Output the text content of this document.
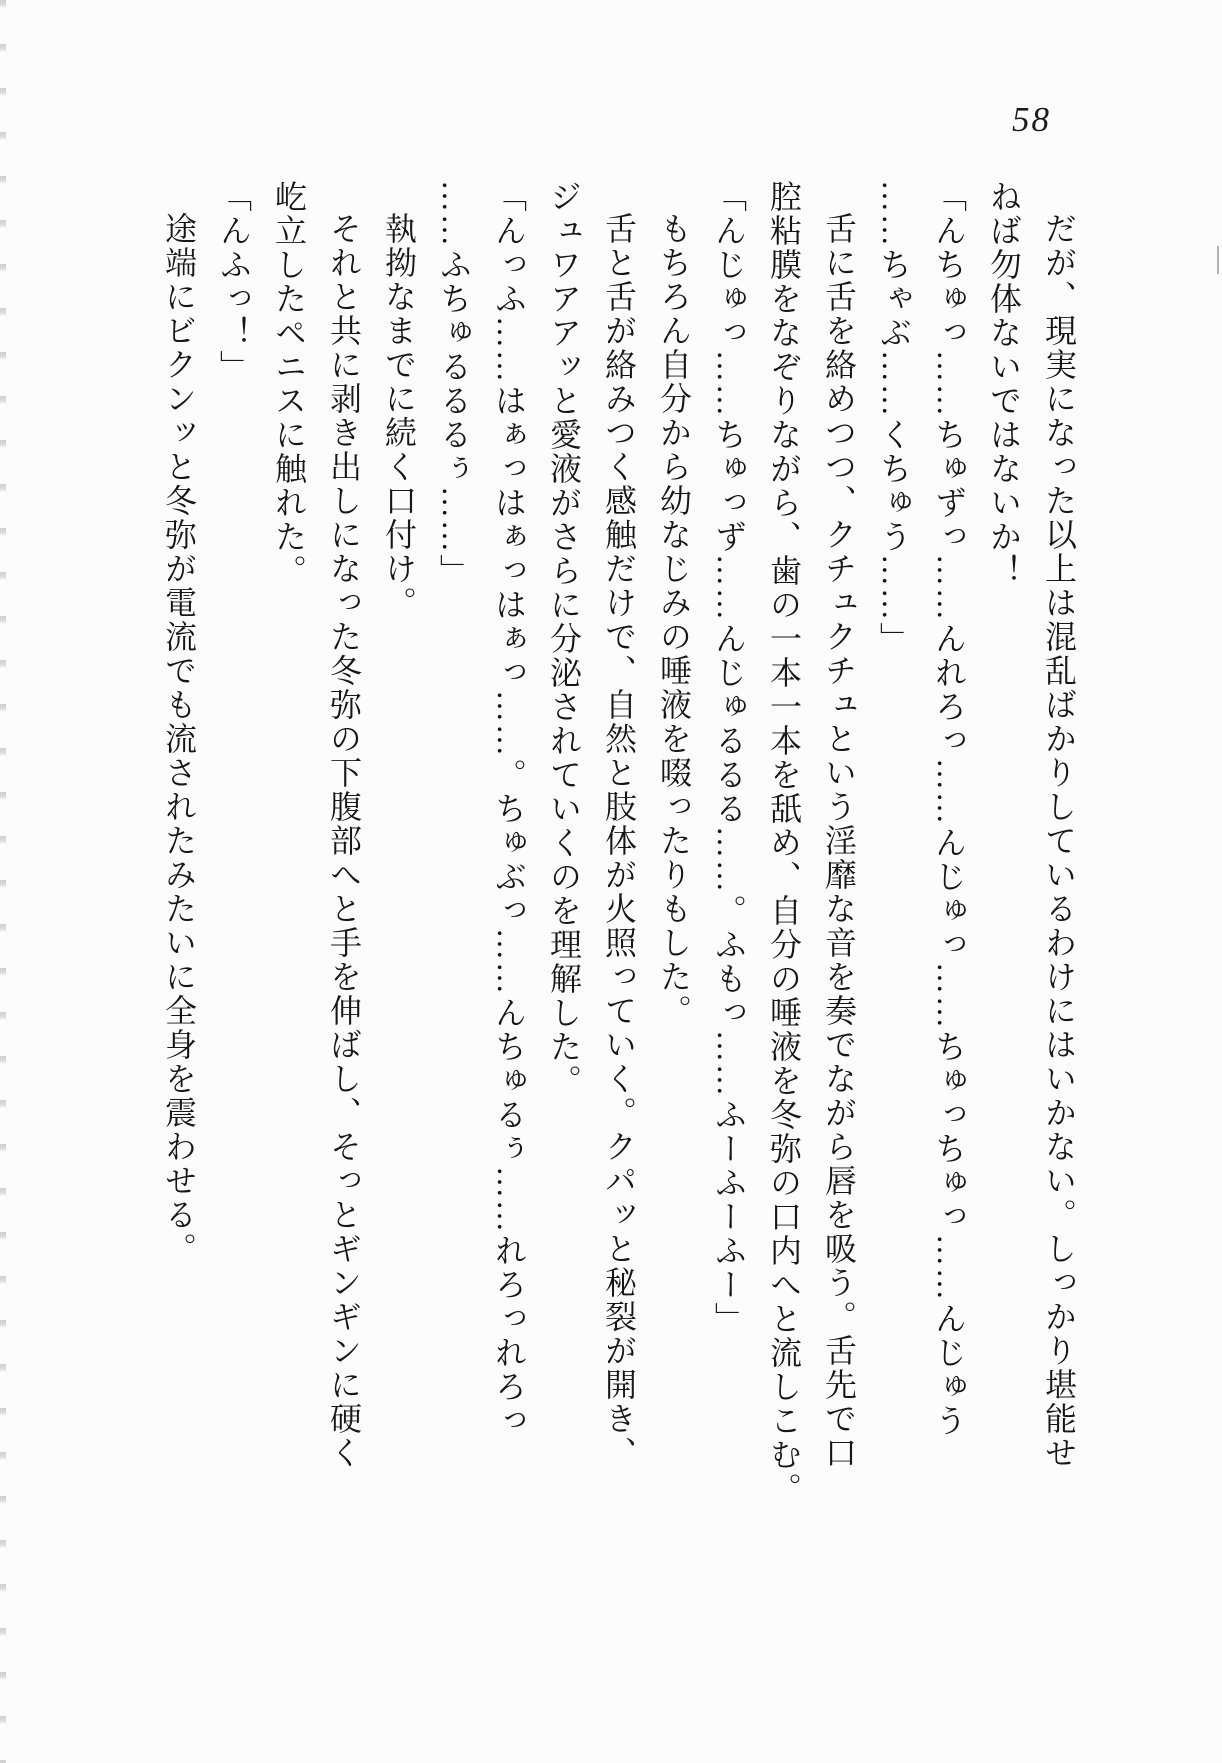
58
だが、現実になった以上は混乱ばかりしているわけにはいかない。しっかり堪能せ
ねば勿体ないではないか！
「んちゅっ……ちゅずっ……んれろっ……んじゅっ……ちゅっちゅっ……んじゅう
……ちゃぶ……くちゅう……」
舌に舌を絡めつつ、クチュクチュという淫靡な音を奏でながら唇を吸う。舌先で口
腔粘膜をなぞりながら、歯の一本一本を舐め、自分の唾液を冬弥の口内へと流しこむ。
「んじゅっ……ちゅっず……んじゅるるる……。ふもっ……ふーふーふー」
もちろん自分から幼なじみの唾液を啜ったりもした。
舌と舌が絡みつく感触だけで、自然と肢体が火照っていく。クパッと秘裂が開き、
ジュワアアッと愛液がさらに分泌されていくのを理解した。
「んっふ……はぁっはぁっはぁっ……。ちゅぶっ……んちゅるぅ……れろっれろっ
……ふちゅるるるぅ……」
執拗なまでに続く口付け。
それと共に剥き出しになった冬弥の下腹部へと手を伸ばし、そっとギンギンに硬く
屹立したペニスに触れた。
「んふっ！」
途端にビクンッと冬弥が電流でも流されたみたいに全身を震わせる。
